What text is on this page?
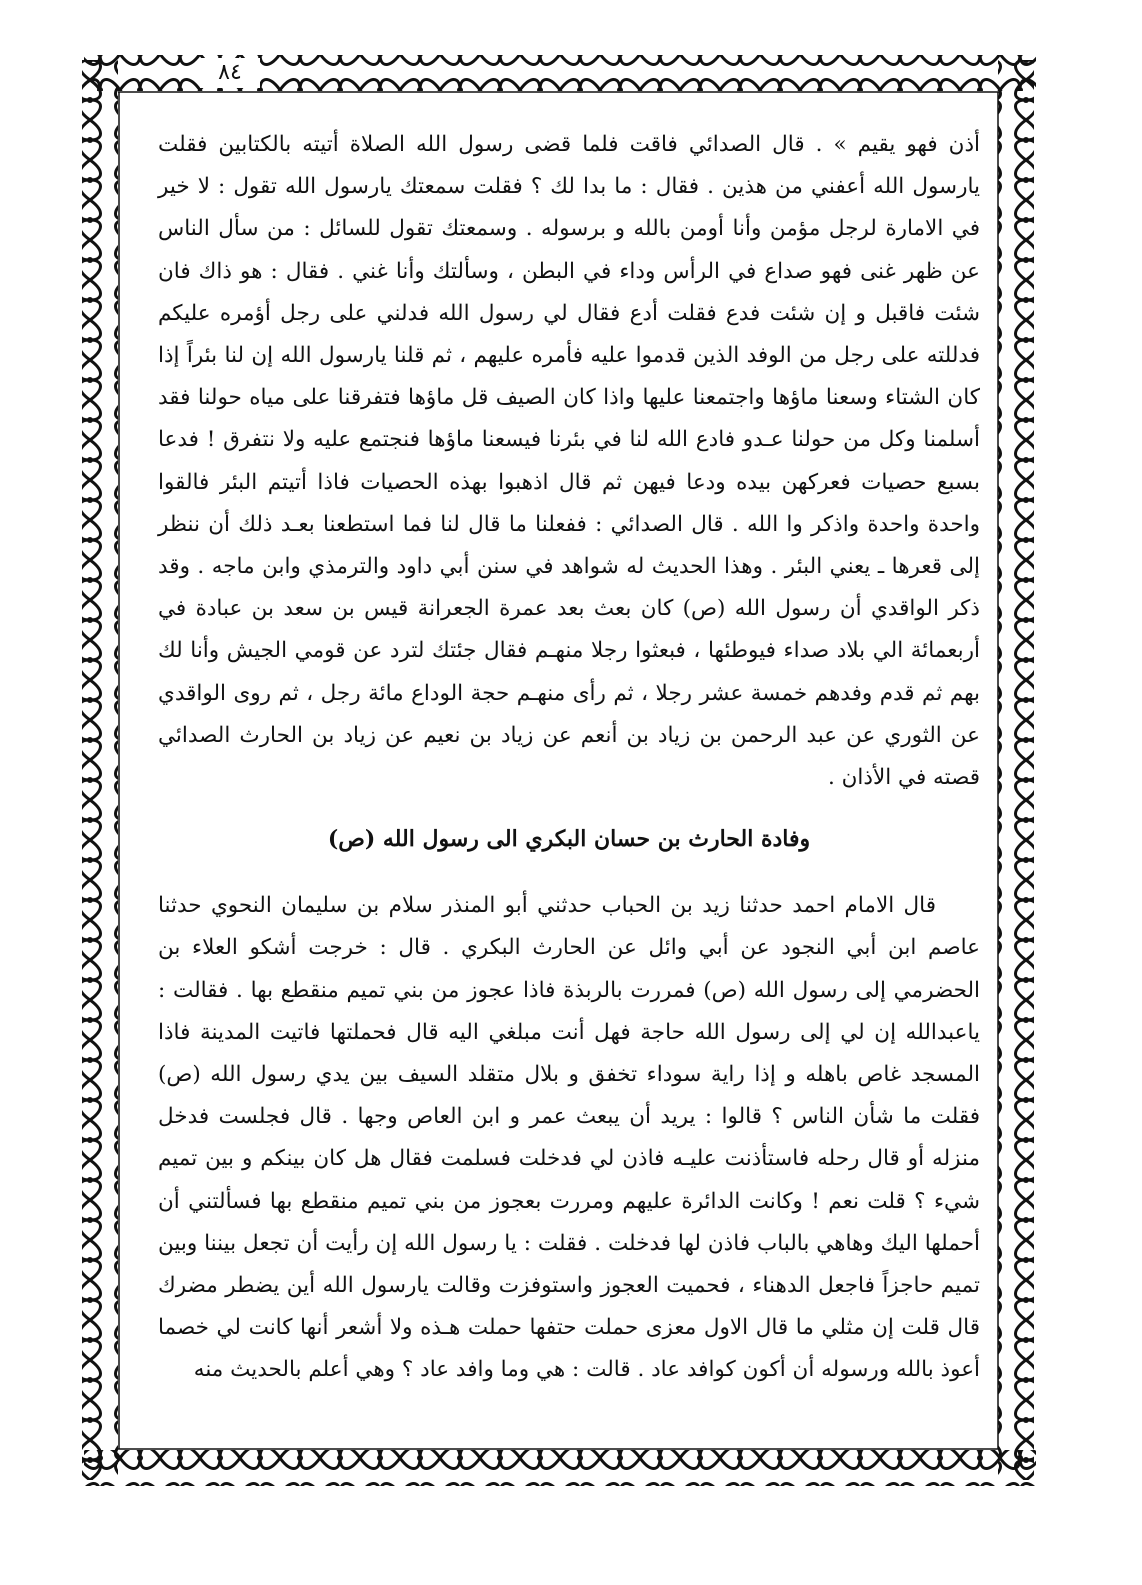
٨٤

أذن فهو يقيم » . قال الصدائي فاقت فلما قضى رسول الله الصلاة أتيته بالكتابين فقلت يارسول الله أعفني من هذين . فقال : ما بدا لك ؟ فقلت سمعتك يارسول الله تقول : لا خير في الامارة لرجل مؤمن وأنا أومن بالله و برسوله . وسمعتك تقول للسائل : من سأل الناس عن ظهر غنى فهو صداع في الرأس وداء في البطن ، وسألتك وأنا غني . فقال : هو ذاك فان شئت فاقبل و إن شئت فدع فقلت أدع فقال لي رسول الله فدلني على رجل أؤمره عليكم فدللته على رجل من الوفد الذين قدموا عليه فأمره عليهم ، ثم قلنا يارسول الله إن لنا بئراً إذا كان الشتاء وسعنا ماؤها واجتمعنا عليها واذا كان الصيف قل ماؤها فتفرقنا على مياه حولنا فقد أسلمنا وكل من حولنا عـدو فادع الله لنا في بئرنا فيسعنا ماؤها فنجتمع عليه ولا نتفرق ! فدعا بسبع حصيات فعركهن بيده ودعا فيهن ثم قال اذهبوا بهذه الحصيات فاذا أتيتم البئر فالقوا واحدة واحدة واذكر وا الله . قال الصدائي : ففعلنا ما قال لنا فما استطعنا بعـد ذلك أن ننظر إلى قعرها ـ يعني البئر . وهذا الحديث له شواهد في سنن أبي داود والترمذي وابن ماجه . وقد ذكر الواقدي أن رسول الله (ص) كان بعث بعد عمرة الجعرانة قيس بن سعد بن عبادة في أربعمائة الي بلاد صداء فيوطئها ، فبعثوا رجلا منهـم فقال جئتك لترد عن قومي الجيش وأنا لك بهم ثم قدم وفدهم خمسة عشر رجلا ، ثم رأى منهـم حجة الوداع مائة رجل ، ثم روى الواقدي عن الثوري عن عبد الرحمن بن زياد بن أنعم عن زياد بن نعيم عن زياد بن الحارث الصدائي قصته في الأذان .

وفادة الحارث بن حسان البكري الى رسول الله (ص)

قال الامام احمد حدثنا زيد بن الحباب حدثني أبو المنذر سلام بن سليمان النحوي حدثنا عاصم ابن أبي النجود عن أبي وائل عن الحارث البكري . قال : خرجت أشكو العلاء بن الحضرمي إلى رسول الله (ص) فمررت بالربذة فاذا عجوز من بني تميم منقطع بها . فقالت : ياعبدالله إن لي إلى رسول الله حاجة فهل أنت مبلغي اليه قال فحملتها فاتيت المدينة فاذا المسجد غاص باهله و إذا راية سوداء تخفق و بلال متقلد السيف بين يدي رسول الله (ص) فقلت ما شأن الناس ؟ قالوا : يريد أن يبعث عمر و ابن العاص وجها . قال فجلست فدخل منزله أو قال رحله فاستأذنت عليـه فاذن لي فدخلت فسلمت فقال هل كان بينكم و بين تميم شيء ؟ قلت نعم ! وكانت الدائرة عليهم ومررت بعجوز من بني تميم منقطع بها فسألتني أن أحملها اليك وهاهي بالباب فاذن لها فدخلت . فقلت : يا رسول الله إن رأيت أن تجعل بيننا وبين تميم حاجزاً فاجعل الدهناء ، فحميت العجوز واستوفزت وقالت يارسول الله أين يضطر مضرك قال قلت إن مثلي ما قال الاول معزى حملت حتفها حملت هـذه ولا أشعر أنها كانت لي خصما أعوذ بالله ورسوله أن أكون كوافد عاد . قالت : هي وما وافد عاد ؟ وهي أعلم بالحديث منه
